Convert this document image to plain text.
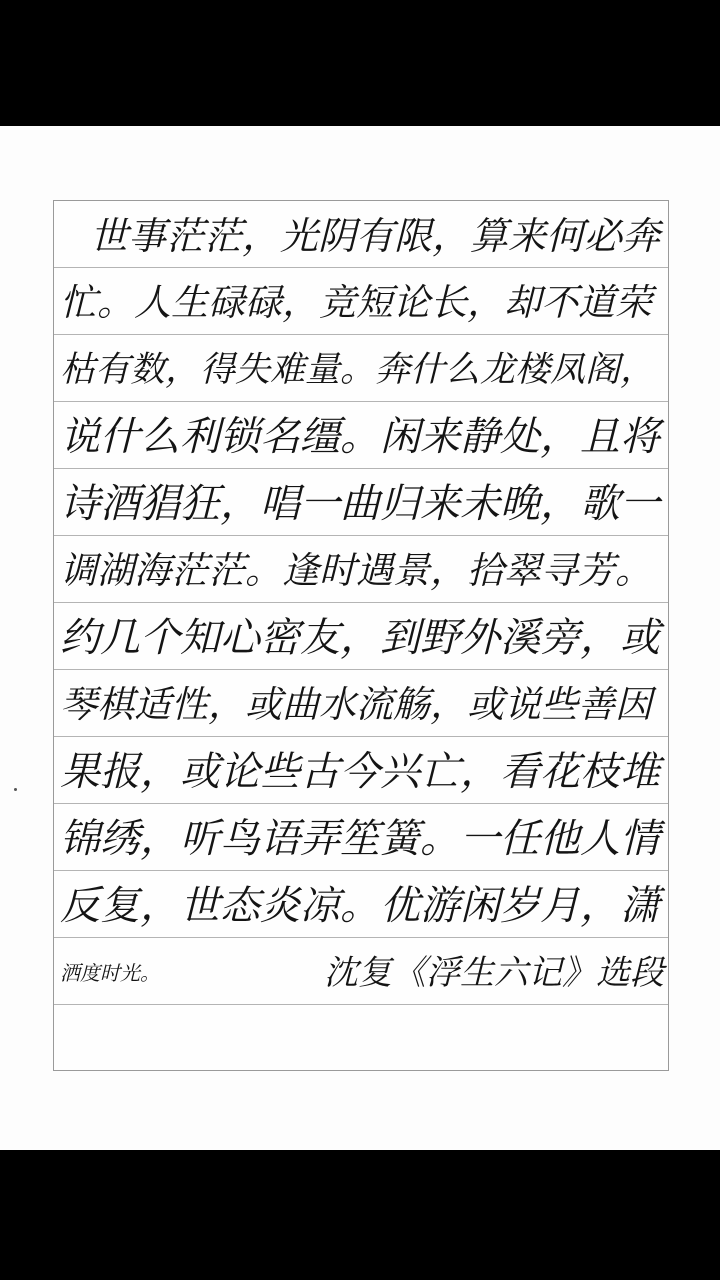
世事茫茫，光阴有限，算来何必奔
忙。人生碌碌，竞短论长，却不道荣
枯有数，得失难量。奔什么龙楼凤阁，
说什么利锁名缰。闲来静处，且将
诗酒猖狂，唱一曲归来未晚，歌一
调湖海茫茫。逢时遇景，拾翠寻芳。
约几个知心密友，到野外溪旁，或
琴棋适性，或曲水流觞，或说些善因
果报，或论些古今兴亡，看花枝堆
锦绣，听鸟语弄笙簧。一任他人情
反复，世态炎凉。优游闲岁月，潇
洒度时光。	沈复《浮生六记》选段
